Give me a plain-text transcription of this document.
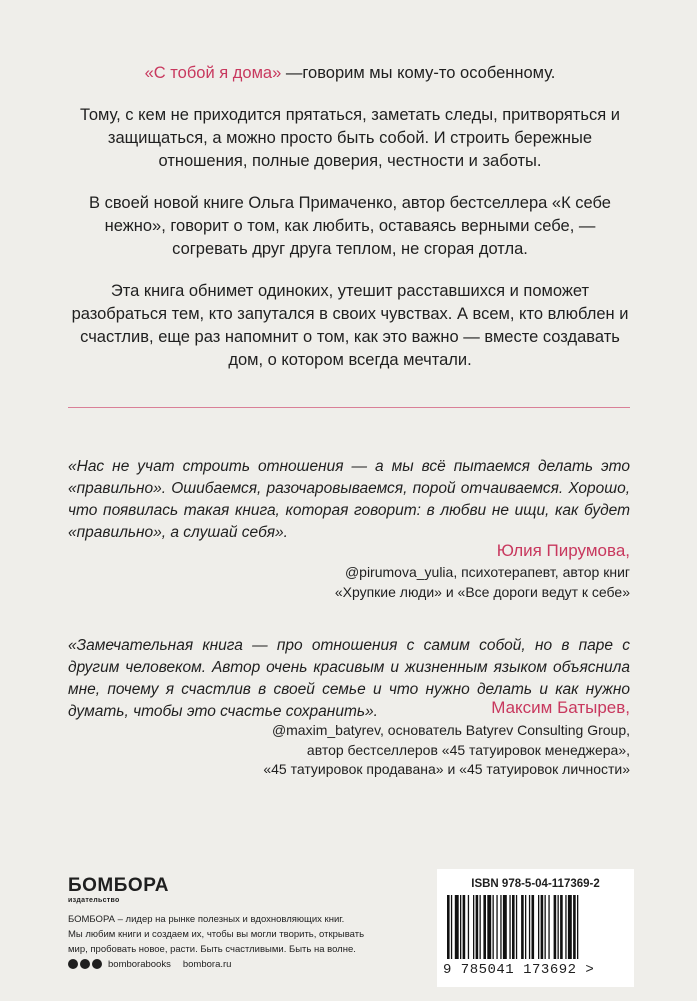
«С тобой я дома» —говорим мы кому-то особенному.

Тому, с кем не приходится прятаться, заметать следы, притворяться и защищаться, а можно просто быть собой. И строить бережные отношения, полные доверия, честности и заботы.

В своей новой книге Ольга Примаченко, автор бестселлера «К себе нежно», говорит о том, как любить, оставаясь верными себе, — согревать друг друга теплом, не сгорая дотла.

Эта книга обнимет одиноких, утешит расставшихся и поможет разобраться тем, кто запутался в своих чувствах. А всем, кто влюблен и счастлив, еще раз напомнит о том, как это важно — вместе создавать дом, о котором всегда мечтали.

«Нас не учат строить отношения — а мы всё пытаемся делать это «правильно». Ошибаемся, разочаровываемся, порой отчаиваемся. Хорошо, что появилась такая книга, которая говорит: в любви не ищи, как будет «правильно», а слушай себя».
Юлия Пирумова,
@pirumova_yulia, психотерапевт, автор книг
«Хрупкие люди» и «Все дороги ведут к себе»
«Замечательная книга — про отношения с самим собой, но в паре с другим человеком. Автор очень красивым и жизненным языком объяснила мне, почему я счастлив в своей семье и что нужно делать и как нужно думать, чтобы это счастье сохранить».	Максим Батырев,
@maxim_batyrev, основатель Batyrev Consulting Group,
автор бестселлеров «45 татуировок менеджера»,
«45 татуировок продавана» и «45 татуировок личности»
БОМБОРА
издательство
БОМБОРА – лидер на рынке полезных и вдохновляющих книг.
Мы любим книги и создаем их, чтобы вы могли творить, открывать
мир, пробовать новое, расти. Быть счастливыми. Быть на волне.
bomborabooks bombora.ru
ISBN 978-5-04-117369-2
9 785041 173692 >
